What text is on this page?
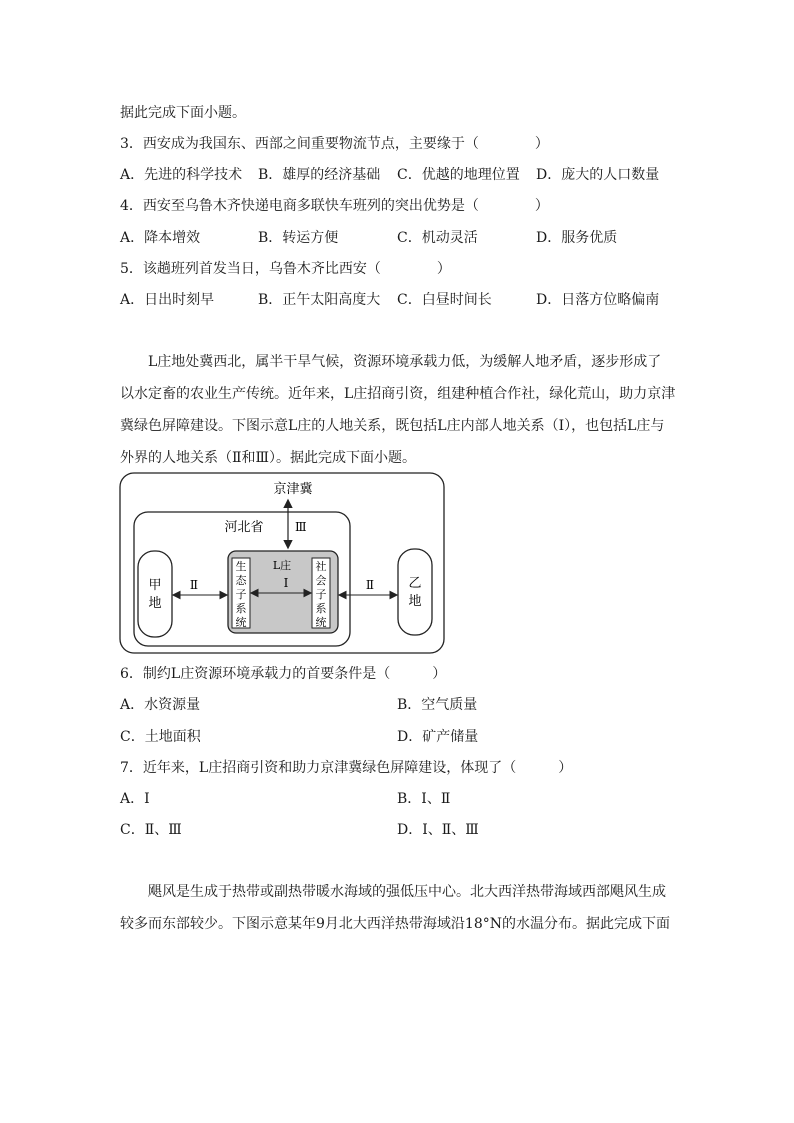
据此完成下面小题。
3．西安成为我国东、西部之间重要物流节点，主要缘于（　　　　）
A．先进的科学技术 B．雄厚的经济基础 C．优越的地理位置 D．庞大的人口数量
4．西安至乌鲁木齐快递电商多联快车班列的突出优势是（　　　　）
A．降本增效	B．转运方便	C．机动灵活	D．服务优质
5．该趟班列首发当日，乌鲁木齐比西安（　　　　）
A．日出时刻早	B．正午太阳高度大 C．白昼时间长	D．日落方位略偏南
L庄地处冀西北，属半干旱气候，资源环境承载力低，为缓解人地矛盾，逐步形成了
以水定畜的农业生产传统。近年来，L庄招商引资，组建种植合作社，绿化荒山，助力京津
冀绿色屏障建设。下图示意L庄的人地关系，既包括L庄内部人地关系（Ⅰ），也包括L庄与
外界的人地关系（Ⅱ和Ⅲ）。据此完成下面小题。
京津冀
河北省	Ⅲ
L庄
生
态
子
系
统
社
会
子
系
统
Ⅰ
甲
地
Ⅱ	乙
地
Ⅱ
6．制约L庄资源环境承载力的首要条件是（　　　）
A．水资源量	B．空气质量
C．土地面积	D．矿产储量
7．近年来，L庄招商引资和助力京津冀绿色屏障建设，体现了（　　　）
A．Ⅰ	B．Ⅰ、Ⅱ
C．Ⅱ、Ⅲ	D．Ⅰ、Ⅱ、Ⅲ
飓风是生成于热带或副热带暖水海域的强低压中心。北大西洋热带海域西部飓风生成
较多而东部较少。下图示意某年9月北大西洋热带海域沿18°N的水温分布。据此完成下面
